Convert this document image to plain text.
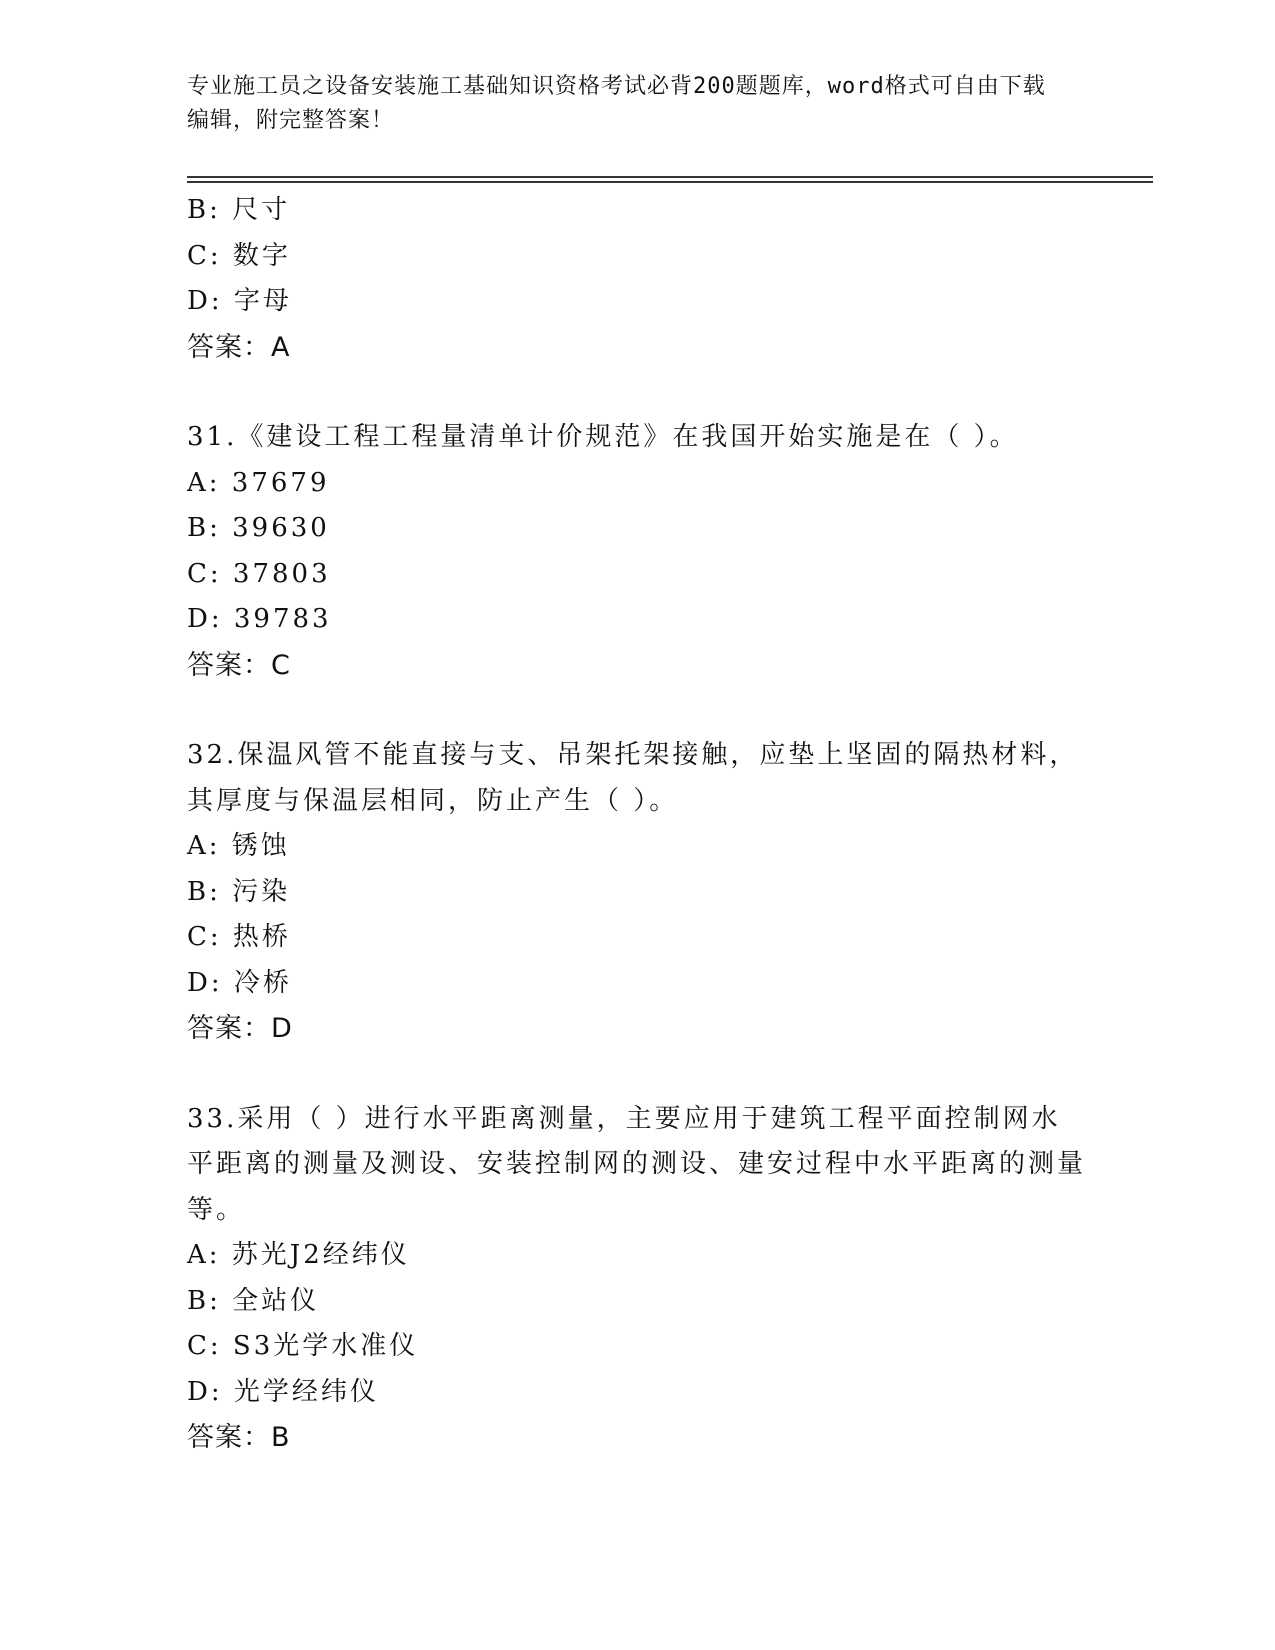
专业施工员之设备安装施工基础知识资格考试必背200题题库，word格式可自由下载编辑，附完整答案！

B: 尺寸

C: 数字

D: 字母

答案：A

31.《建设工程工程量清单计价规范》在我国开始实施是在（ ）。

A: 37679

B: 39630

C: 37803

D: 39783

答案：C

32.保温风管不能直接与支、吊架托架接触，应垫上坚固的隔热材料，其厚度与保温层相同，防止产生（ ）。

A: 锈蚀

B: 污染

C: 热桥

D: 冷桥

答案：D

33.采用（ ）进行水平距离测量，主要应用于建筑工程平面控制网水平距离的测量及测设、安装控制网的测设、建安过程中水平距离的测量等。

A: 苏光J2经纬仪

B: 全站仪

C: S3光学水准仪

D: 光学经纬仪

答案：B
